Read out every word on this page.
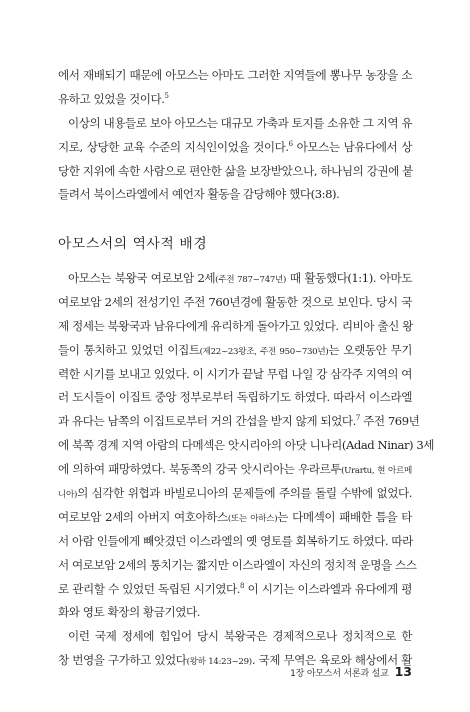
에서 재배되기 때문에 아모스는 아마도 그러한 지역들에 뽕나무 농장을 소
유하고 있었을 것이다.$^5$
이상의 내용들로 보아 아모스는 대규모 가축과 토지를 소유한 그 지역 유
지로, 상당한 교육 수준의 지식인이었을 것이다.$^6$ 아모스는 남유다에서 상
당한 지위에 속한 사람으로 편안한 삶을 보장받았으나, 하나님의 강권에 붙
들려서 북이스라엘에서 예언자 활동을 감당해야 했다(3:8).
아모스서의 역사적 배경
아모스는 북왕국 여로보암 2세(주전 787~747년) 때 활동했다(1:1). 아마도
여로보암 2세의 전성기인 주전 760년경에 활동한 것으로 보인다. 당시 국
제 정세는 북왕국과 남유다에게 유리하게 돌아가고 있었다. 리비아 출신 왕
들이 통치하고 있었던 이집트(제22~23왕조, 주전 950~730년)는 오랫동안 무기
력한 시기를 보내고 있었다. 이 시기가 끝날 무럽 나일 강 삼각주 지역의 여
러 도시들이 이집트 중앙 정부로부터 독립하기도 하였다. 따라서 이스라엘
과 유다는 남쪽의 이집트로부터 거의 간섭을 받지 않게 되었다.$^7$ 주전 769년
에 북쪽 경계 지역 아람의 다메섹은 앗시리아의 아닷 니나리(Adad Ninar) 3세
에 의하여 패망하였다. 북동쪽의 강국 앗시리아는 우라르투(Urartu, 현 아르메
니아)의 심각한 위협과 바빌로니아의 문제들에 주의를 돌릴 수밖에 없었다.
여로보암 2세의 아버지 여호아하스(또는 아하스)는 다메섹이 패배한 틈을 타
서 아람 인들에게 빼앗겼던 이스라엘의 옛 영토를 회복하기도 하였다. 따라
서 여로보암 2세의 통치기는 짧지만 이스라엘이 자신의 정치적 운명을 스스
로 관리할 수 있었던 독립된 시기였다.$^8$ 이 시기는 이스라엘과 유다에게 평
화와 영토 확장의 황금기였다.
이런 국제 정세에 힘입어 당시 북왕국은 경제적으로나 정치적으로 한
창 번영을 구가하고 있었다(왕하 14:23~29). 국제 무역은 육로와 해상에서 활
1장 아모스서 서론과 설교 13
